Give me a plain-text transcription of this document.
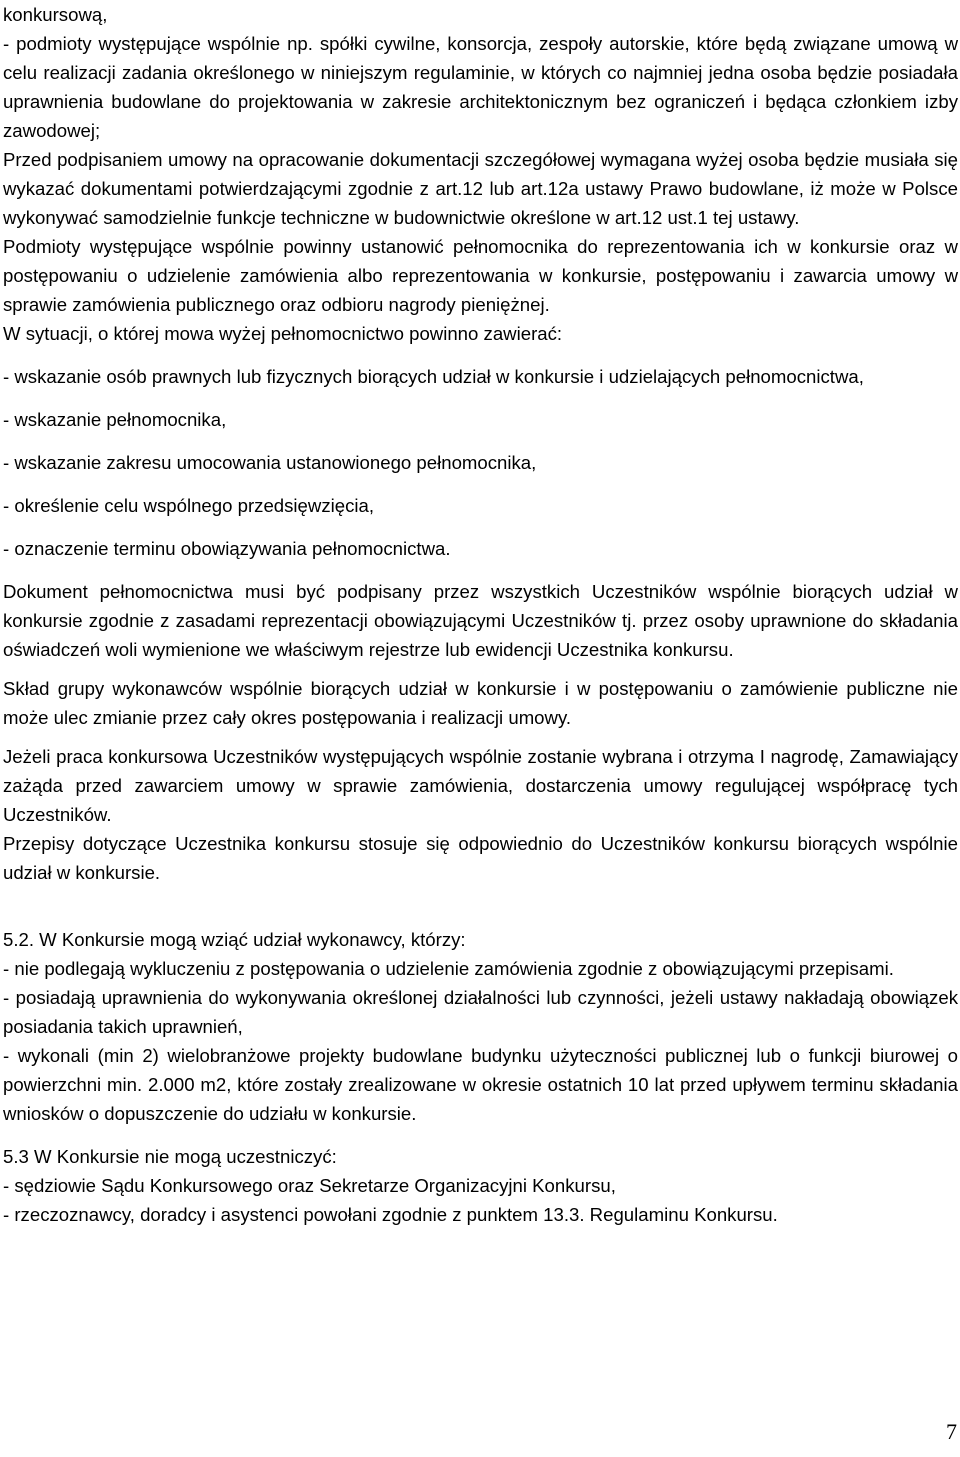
konkursową,

- podmioty występujące wspólnie np. spółki cywilne, konsorcja, zespoły autorskie, które będą związane umową w celu realizacji zadania określonego w niniejszym regulaminie, w których co najmniej jedna osoba będzie posiadała uprawnienia budowlane do projektowania w zakresie architektonicznym bez ograniczeń i będąca członkiem izby zawodowej;

Przed podpisaniem umowy na opracowanie dokumentacji szczegółowej wymagana wyżej osoba będzie musiała się wykazać dokumentami potwierdzającymi zgodnie z art.12 lub art.12a ustawy Prawo budowlane, iż może w Polsce wykonywać samodzielnie funkcje techniczne w budownictwie określone w art.12 ust.1 tej ustawy.

Podmioty występujące wspólnie powinny ustanowić pełnomocnika do reprezentowania ich w konkursie oraz w postępowaniu o udzielenie zamówienia albo reprezentowania w konkursie, postępowaniu i zawarcia umowy w sprawie zamówienia publicznego oraz odbioru nagrody pieniężnej.

W sytuacji, o której mowa wyżej pełnomocnictwo powinno zawierać:

- wskazanie osób prawnych lub fizycznych biorących udział w konkursie i udzielających pełnomocnictwa,

- wskazanie pełnomocnika,

- wskazanie zakresu umocowania ustanowionego pełnomocnika,

- określenie celu wspólnego przedsięwzięcia,

- oznaczenie terminu obowiązywania pełnomocnictwa.

Dokument pełnomocnictwa musi być podpisany przez wszystkich Uczestników wspólnie biorących udział w konkursie zgodnie z zasadami reprezentacji obowiązującymi Uczestników tj. przez osoby uprawnione do składania oświadczeń woli wymienione we właściwym rejestrze lub ewidencji Uczestnika konkursu.

Skład grupy wykonawców wspólnie biorących udział w konkursie i w postępowaniu o zamówienie publiczne nie może ulec zmianie przez cały okres postępowania i realizacji umowy.

Jeżeli praca konkursowa Uczestników występujących wspólnie zostanie wybrana i otrzyma I nagrodę, Zamawiający zażąda przed zawarciem umowy w sprawie zamówienia, dostarczenia umowy regulującej współpracę tych Uczestników.

Przepisy dotyczące Uczestnika konkursu stosuje się odpowiednio do Uczestników konkursu biorących wspólnie udział w konkursie.

5.2. W Konkursie mogą wziąć udział wykonawcy, którzy:

- nie podlegają wykluczeniu z postępowania o udzielenie zamówienia zgodnie z obowiązującymi przepisami.

- posiadają uprawnienia do wykonywania określonej działalności lub czynności, jeżeli ustawy nakładają obowiązek posiadania takich uprawnień,

- wykonali (min 2) wielobranżowe projekty budowlane budynku użyteczności publicznej lub o funkcji biurowej o powierzchni min. 2.000 m2, które zostały zrealizowane w okresie ostatnich 10 lat przed upływem terminu składania wniosków o dopuszczenie do udziału w konkursie.

5.3 W Konkursie nie mogą uczestniczyć:

- sędziowie Sądu Konkursowego oraz Sekretarze Organizacyjni Konkursu,

- rzeczoznawcy, doradcy i asystenci powołani zgodnie z punktem 13.3. Regulaminu Konkursu.

7
